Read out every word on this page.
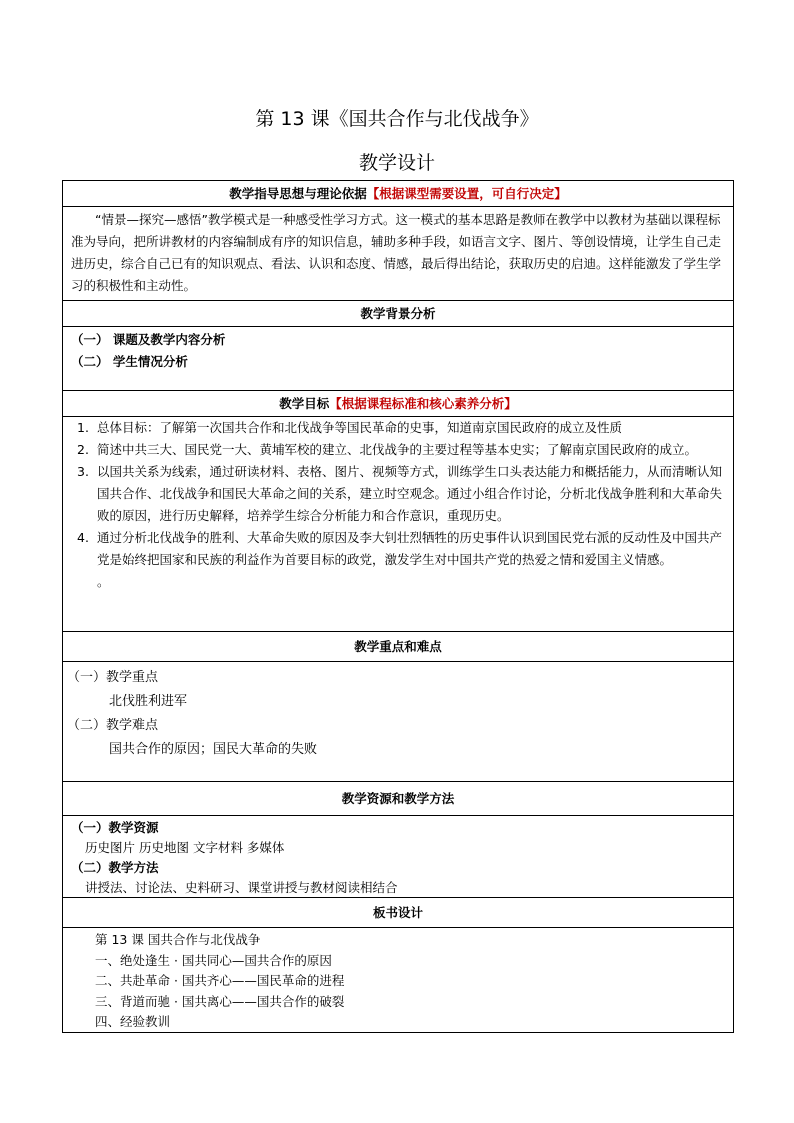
第 13 课《国共合作与北伐战争》
教学设计
教学指导思想与理论依据【根据课型需要设置，可自行决定】
“情景—探究—感悟”教学模式是一种感受性学习方式。这一模式的基本思路是教师在教学中以教材为基础以课程标准为导向，把所讲教材的内容编制成有序的知识信息，辅助多种手段，如语言文字、图片、等创设情境，让学生自己走进历史，综合自己已有的知识观点、看法、认识和态度、情感，最后得出结论，获取历史的启迪。这样能激发了学生学习的积极性和主动性。
教学背景分析
（一） 课题及教学内容分析
（二） 学生情况分析
教学目标【根据课程标准和核心素养分析】
1. 总体目标：了解第一次国共合作和北伐战争等国民革命的史事，知道南京国民政府的成立及性质
2. 简述中共三大、国民党一大、黄埔军校的建立、北伐战争的主要过程等基本史实；了解南京国民政府的成立。
3. 以国共关系为线索，通过研读材料、表格、图片、视频等方式，训练学生口头表达能力和概括能力，从而清晰认知国共合作、北伐战争和国民大革命之间的关系，建立时空观念。通过小组合作讨论，分析北伐战争胜利和大革命失败的原因，进行历史解释，培养学生综合分析能力和合作意识，重现历史。
4. 通过分析北伐战争的胜利、大革命失败的原因及李大钊壮烈牺牲的历史事件认识到国民党右派的反动性及中国共产党是始终把国家和民族的利益作为首要目标的政党，激发学生对中国共产党的热爱之情和爱国主义情感。
。
教学重点和难点
（一）教学重点
北伐胜利进军
（二）教学难点
国共合作的原因；国民大革命的失败
教学资源和教学方法
（一）教学资源
历史图片 历史地图 文字材料 多媒体
（二）教学方法
讲授法、讨论法、史料研习、课堂讲授与教材阅读相结合
板书设计
第 13 课 国共合作与北伐战争
一、绝处逢生 · 国共同心—国共合作的原因
二、共赴革命 · 国共齐心——国民革命的进程
三、背道而驰 · 国共离心——国共合作的破裂
四、经验教训
